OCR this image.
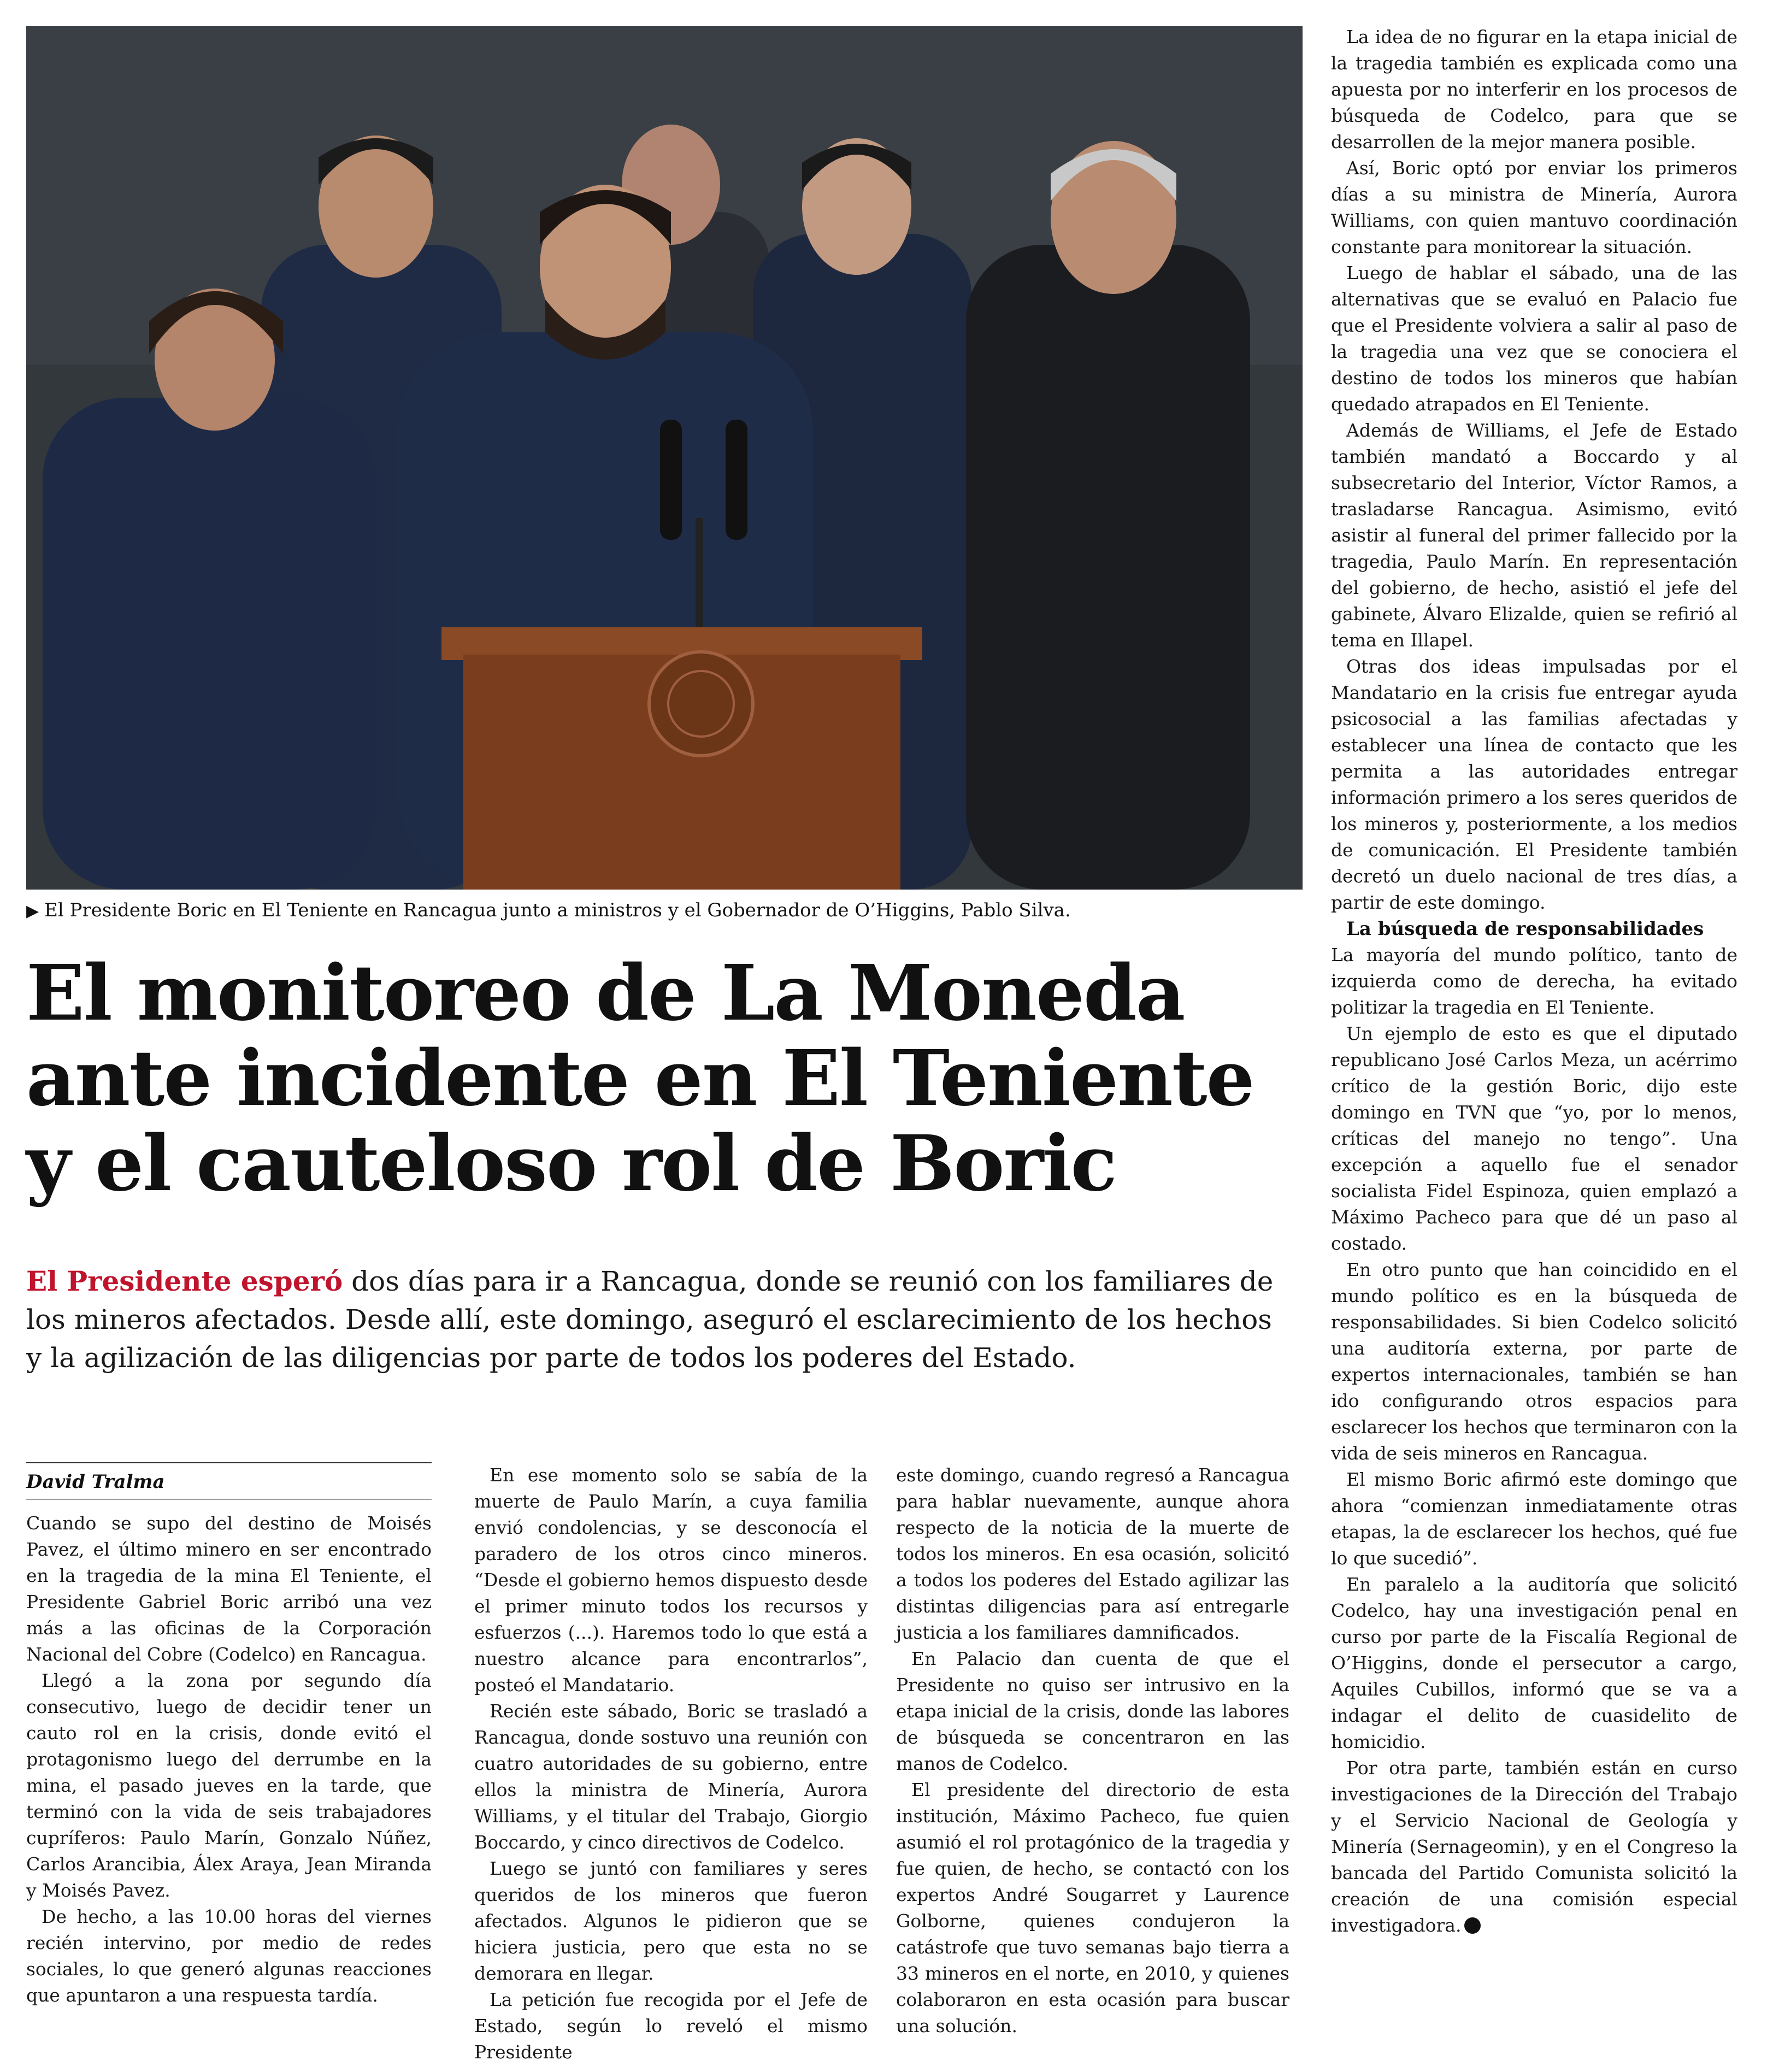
▶ El Presidente Boric en El Teniente en Rancagua junto a ministros y el Gobernador de O’Higgins, Pablo Silva.
El monitoreo de La Moneda
ante incidente en El Teniente
y el cauteloso rol de Boric
El Presidente esperó dos días para ir a Rancagua, donde se reunió con los familiares de los mineros afectados. Desde allí, este domingo, aseguró el esclarecimiento de los hechos y la agilización de las diligencias por parte de todos los poderes del Estado.
David Tralma

Cuando se supo del destino de Moisés Pavez, el último minero en ser encontrado en la tragedia de la mina El Teniente, el Presidente Gabriel Boric arribó una vez más a las oficinas de la Corporación Nacional del Cobre (Codelco) en Rancagua.

Llegó a la zona por segundo día consecutivo, luego de decidir tener un cauto rol en la crisis, donde evitó el protagonismo luego del derrumbe en la mina, el pasado jueves en la tarde, que terminó con la vida de seis trabajadores cupríferos: Paulo Marín, Gonzalo Núñez, Carlos Arancibia, Álex Araya, Jean Miranda y Moisés Pavez.

De hecho, a las 10.00 horas del viernes recién intervino, por medio de redes sociales, lo que generó algunas reacciones que apuntaron a una respuesta tardía.

En ese momento solo se sabía de la muerte de Paulo Marín, a cuya familia envió condolencias, y se desconocía el paradero de los otros cinco mineros. “Desde el gobierno hemos dispuesto desde el primer minuto todos los recursos y esfuerzos (...). Haremos todo lo que está a nuestro alcance para encontrarlos”, posteó el Mandatario.

Recién este sábado, Boric se trasladó a Rancagua, donde sostuvo una reunión con cuatro autoridades de su gobierno, entre ellos la ministra de Minería, Aurora Williams, y el titular del Trabajo, Giorgio Boccardo, y cinco directivos de Codelco.

Luego se juntó con familiares y seres queridos de los mineros que fueron afectados. Algunos le pidieron que se hiciera justicia, pero que esta no se demorara en llegar.

La petición fue recogida por el Jefe de Estado, según lo reveló el mismo Presidente

este domingo, cuando regresó a Rancagua para hablar nuevamente, aunque ahora respecto de la noticia de la muerte de todos los mineros. En esa ocasión, solicitó a todos los poderes del Estado agilizar las distintas diligencias para así entregarle justicia a los familiares damnificados.

En Palacio dan cuenta de que el Presidente no quiso ser intrusivo en la etapa inicial de la crisis, donde las labores de búsqueda se concentraron en las manos de Codelco.

El presidente del directorio de esta institución, Máximo Pacheco, fue quien asumió el rol protagónico de la tragedia y fue quien, de hecho, se contactó con los expertos André Sougarret y Laurence Golborne, quienes condujeron la catástrofe que tuvo semanas bajo tierra a 33 mineros en el norte, en 2010, y quienes colaboraron en esta ocasión para buscar una solución.

La idea de no figurar en la etapa inicial de la tragedia también es explicada como una apuesta por no interferir en los procesos de búsqueda de Codelco, para que se desarrollen de la mejor manera posible.

Así, Boric optó por enviar los primeros días a su ministra de Minería, Aurora Williams, con quien mantuvo coordinación constante para monitorear la situación.

Luego de hablar el sábado, una de las alternativas que se evaluó en Palacio fue que el Presidente volviera a salir al paso de la tragedia una vez que se conociera el destino de todos los mineros que habían quedado atrapados en El Teniente.

Además de Williams, el Jefe de Estado también mandató a Boccardo y al subsecretario del Interior, Víctor Ramos, a trasladarse Rancagua. Asimismo, evitó asistir al funeral del primer fallecido por la tragedia, Paulo Marín. En representación del gobierno, de hecho, asistió el jefe del gabinete, Álvaro Elizalde, quien se refirió al tema en Illapel.

Otras dos ideas impulsadas por el Mandatario en la crisis fue entregar ayuda psicosocial a las familias afectadas y establecer una línea de contacto que les permita a las autoridades entregar información primero a los seres queridos de los mineros y, posteriormente, a los medios de comunicación. El Presidente también decretó un duelo nacional de tres días, a partir de este domingo.

La búsqueda de responsabilidades

La mayoría del mundo político, tanto de izquierda como de derecha, ha evitado politizar la tragedia en El Teniente.

Un ejemplo de esto es que el diputado republicano José Carlos Meza, un acérrimo crítico de la gestión Boric, dijo este domingo en TVN que “yo, por lo menos, críticas del manejo no tengo”. Una excepción a aquello fue el senador socialista Fidel Espinoza, quien emplazó a Máximo Pacheco para que dé un paso al costado.

En otro punto que han coincidido en el mundo político es en la búsqueda de responsabilidades. Si bien Codelco solicitó una auditoría externa, por parte de expertos internacionales, también se han ido configurando otros espacios para esclarecer los hechos que terminaron con la vida de seis mineros en Rancagua.

El mismo Boric afirmó este domingo que ahora “comienzan inmediatamente otras etapas, la de esclarecer los hechos, qué fue lo que sucedió”.

En paralelo a la auditoría que solicitó Codelco, hay una investigación penal en curso por parte de la Fiscalía Regional de O’Higgins, donde el persecutor a cargo, Aquiles Cubillos, informó que se va a indagar el delito de cuasidelito de homicidio.

Por otra parte, también están en curso investigaciones de la Dirección del Trabajo y el Servicio Nacional de Geología y Minería (Sernageomin), y en el Congreso la bancada del Partido Comunista solicitó la creación de una comisión especial investigadora.
